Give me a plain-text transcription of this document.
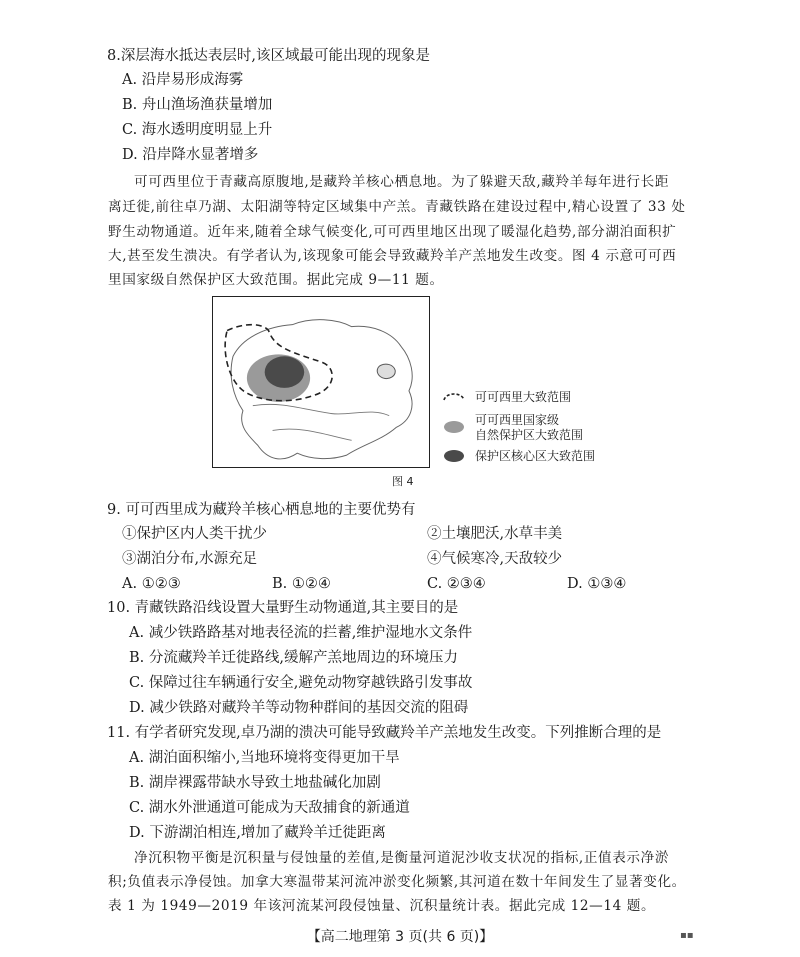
8.深层海水抵达表层时,该区域最可能出现的现象是
A. 沿岸易形成海雾
B. 舟山渔场渔获量增加
C. 海水透明度明显上升
D. 沿岸降水显著增多
可可西里位于青藏高原腹地,是藏羚羊核心栖息地。为了躲避天敌,藏羚羊每年进行长距
离迁徙,前往卓乃湖、太阳湖等特定区域集中产羔。青藏铁路在建设过程中,精心设置了 33 处
野生动物通道。近年来,随着全球气候变化,可可西里地区出现了暖湿化趋势,部分湖泊面积扩
大,甚至发生溃决。有学者认为,该现象可能会导致藏羚羊产羔地发生改变。图 4 示意可可西
里国家级自然保护区大致范围。据此完成 9—11 题。
可可西里大致范围
可可西里国家级
自然保护区大致范围
保护区核心区大致范围
图 4
9. 可可西里成为藏羚羊核心栖息地的主要优势有
①保护区内人类干扰少	②土壤肥沃,水草丰美
③湖泊分布,水源充足	④气候寒冷,天敌较少
A. ①②③	B. ①②④	C. ②③④	D. ①③④
10. 青藏铁路沿线设置大量野生动物通道,其主要目的是
A. 减少铁路路基对地表径流的拦蓄,维护湿地水文条件
B. 分流藏羚羊迁徙路线,缓解产羔地周边的环境压力
C. 保障过往车辆通行安全,避免动物穿越铁路引发事故
D. 减少铁路对藏羚羊等动物种群间的基因交流的阻碍
11. 有学者研究发现,卓乃湖的溃决可能导致藏羚羊产羔地发生改变。下列推断合理的是
A. 湖泊面积缩小,当地环境将变得更加干旱
B. 湖岸裸露带缺水导致土地盐碱化加剧
C. 湖水外泄通道可能成为天敌捕食的新通道
D. 下游湖泊相连,增加了藏羚羊迁徙距离
净沉积物平衡是沉积量与侵蚀量的差值,是衡量河道泥沙收支状况的指标,正值表示净淤
积;负值表示净侵蚀。加拿大寒温带某河流冲淤变化频繁,其河道在数十年间发生了显著变化。
表 1 为 1949—2019 年该河流某河段侵蚀量、沉积量统计表。据此完成 12—14 题。
【高二地理第 3 页(共 6 页)】	▪▪
